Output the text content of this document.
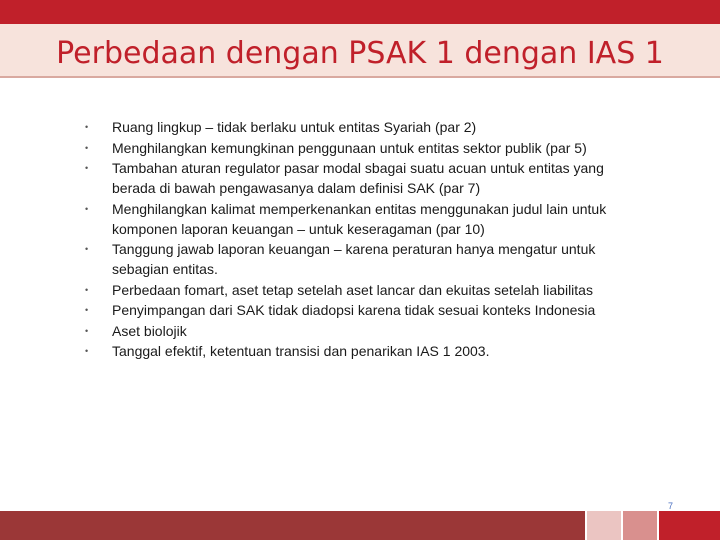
Perbedaan dengan PSAK 1 dengan IAS 1
• Ruang lingkup – tidak berlaku untuk entitas Syariah (par 2)
• Menghilangkan kemungkinan penggunaan untuk entitas sektor publik (par 5)
• Tambahan aturan regulator pasar modal sbagai suatu acuan untuk entitas yang berada di bawah pengawasanya dalam definisi SAK (par 7)
• Menghilangkan kalimat memperkenankan entitas menggunakan judul lain untuk komponen laporan keuangan – untuk keseragaman (par 10)
• Tanggung jawab laporan keuangan – karena peraturan hanya mengatur untuk sebagian entitas.
• Perbedaan fomart, aset tetap setelah aset lancar dan ekuitas setelah liabilitas
• Penyimpangan dari SAK tidak diadopsi karena tidak sesuai konteks Indonesia
• Aset biolojik
• Tanggal efektif, ketentuan transisi dan penarikan IAS 1 2003.
7
